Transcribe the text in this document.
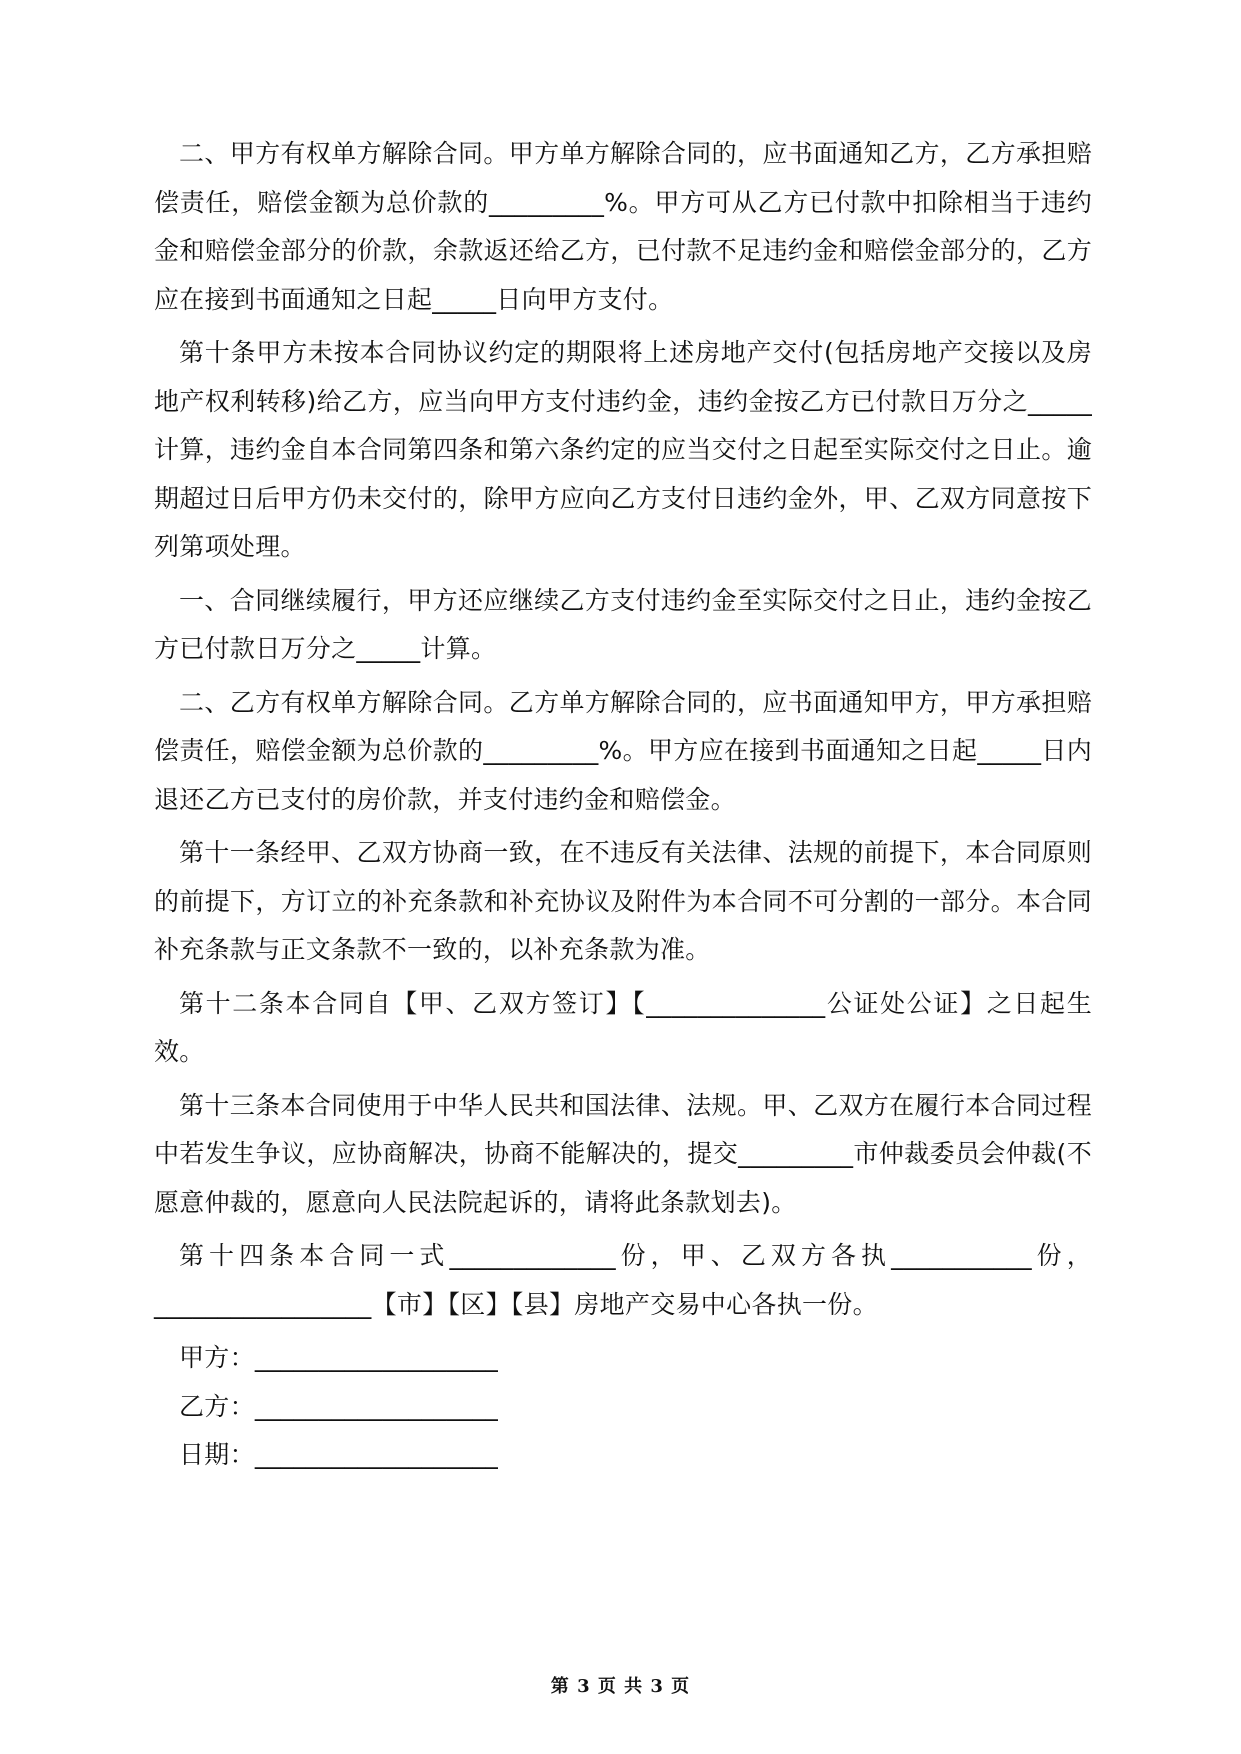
二、甲方有权单方解除合同。甲方单方解除合同的，应书面通知乙方，乙方承担赔偿责任，赔偿金额为总价款的_________%。甲方可从乙方已付款中扣除相当于违约金和赔偿金部分的价款，余款返还给乙方，已付款不足违约金和赔偿金部分的，乙方应在接到书面通知之日起_____日向甲方支付。

第十条甲方未按本合同协议约定的期限将上述房地产交付(包括房地产交接以及房地产权利转移)给乙方，应当向甲方支付违约金，违约金按乙方已付款日万分之_____计算，违约金自本合同第四条和第六条约定的应当交付之日起至实际交付之日止。逾期超过日后甲方仍未交付的，除甲方应向乙方支付日违约金外，甲、乙双方同意按下列第项处理。

一、合同继续履行，甲方还应继续乙方支付违约金至实际交付之日止，违约金按乙方已付款日万分之_____计算。

二、乙方有权单方解除合同。乙方单方解除合同的，应书面通知甲方，甲方承担赔偿责任，赔偿金额为总价款的_________%。甲方应在接到书面通知之日起_____日内退还乙方已支付的房价款，并支付违约金和赔偿金。

第十一条经甲、乙双方协商一致，在不违反有关法律、法规的前提下，本合同原则的前提下，方订立的补充条款和补充协议及附件为本合同不可分割的一部分。本合同补充条款与正文条款不一致的，以补充条款为准。

第十二条本合同自【甲、乙双方签订】【______________公证处公证】之日起生效。

第十三条本合同使用于中华人民共和国法律、法规。甲、乙双方在履行本合同过程中若发生争议，应协商解决，协商不能解决的，提交_________市仲裁委员会仲裁(不愿意仲裁的，愿意向人民法院起诉的，请将此条款划去)。

第十四条本合同一式_____________份，甲、乙双方各执___________份，

_________________【市】【区】【县】房地产交易中心各执一份。

甲方：___________________

乙方：___________________

日期：___________________

第 3 页 共 3 页
